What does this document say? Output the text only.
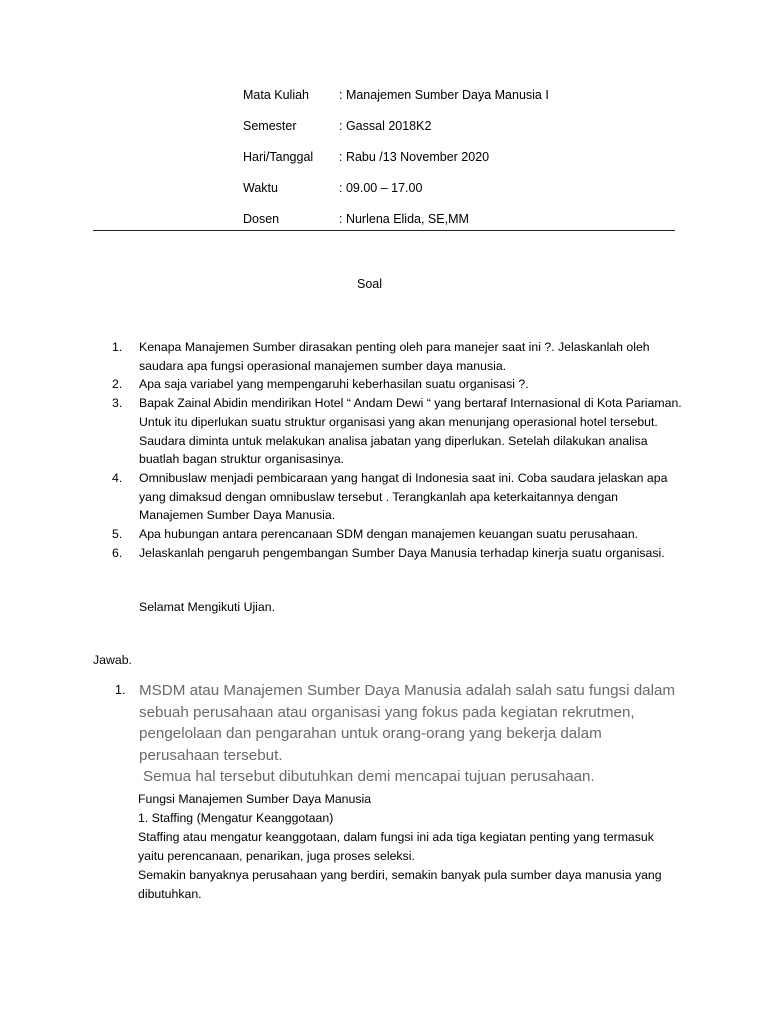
Mata Kuliah : Manajemen Sumber Daya Manusia I
Semester	: Gassal 2018K2
Hari/Tanggal : Rabu /13 November 2020
Waktu	: 09.00 – 17.00
Dosen	: Nurlena Elida, SE,MM
Soal
1.	Kenapa Manajemen Sumber dirasakan penting oleh para manejer saat ini ?. Jelaskanlah oleh saudara apa fungsi operasional manajemen sumber daya manusia.
2.	Apa saja variabel yang mempengaruhi keberhasilan suatu organisasi ?.
3.	Bapak Zainal Abidin mendirikan Hotel “ Andam Dewi “ yang bertaraf Internasional di Kota Pariaman. Untuk itu diperlukan suatu struktur organisasi yang akan menunjang operasional hotel tersebut. Saudara diminta untuk melakukan analisa jabatan yang diperlukan. Setelah dilakukan analisa buatlah bagan struktur organisasinya.
4.	Omnibuslaw menjadi pembicaraan yang hangat di Indonesia saat ini. Coba saudara jelaskan apa yang dimaksud dengan omnibuslaw tersebut . Terangkanlah apa keterkaitannya dengan Manajemen Sumber Daya Manusia.
5.	Apa hubungan antara perencanaan SDM dengan manajemen keuangan suatu perusahaan.
6.	Jelaskanlah pengaruh pengembangan Sumber Daya Manusia terhadap kinerja suatu organisasi.
Selamat Mengikuti Ujian.
Jawab.
1. MSDM atau Manajemen Sumber Daya Manusia adalah salah satu fungsi dalam sebuah perusahaan atau organisasi yang fokus pada kegiatan rekrutmen, pengelolaan dan pengarahan untuk orang-orang yang bekerja dalam perusahaan tersebut.
Semua hal tersebut dibutuhkan demi mencapai tujuan perusahaan.

Fungsi Manajemen Sumber Daya Manusia

1. Staffing (Mengatur Keanggotaan)

Staffing atau mengatur keanggotaan, dalam fungsi ini ada tiga kegiatan penting yang termasuk yaitu perencanaan, penarikan, juga proses seleksi.

Semakin banyaknya perusahaan yang berdiri, semakin banyak pula sumber daya manusia yang dibutuhkan.
